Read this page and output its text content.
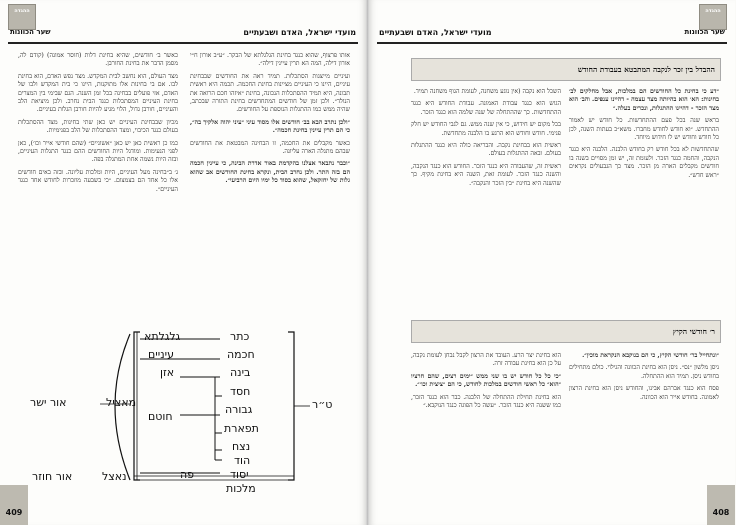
ההגדה
מועדי ישראל, האדם ושבעתיים
שער הכוונות

אותו פרצוף, שהוא כנגד בחינת הגלגלתא של הבקר. ״ע״ב אורון ח״י אורון דילה, המה הא תרין עיינין דילה״.

ועיניים מייצגות הסתכלות. תמיד ראה את החודשים שבבחינת עיניים, היינו כי העיניים מציינות בחינת החכמה. תכמה היא ראשית תבונה, היא תמיד ההסתכלות הנכונה, בחינת ״איזהו חכם הרואה את הנולד״. ולכן זמן של חודשים המתחדשים בחינת התורה שבכתב, שהיה ממש כמו ההתגלות הנוספת על החודשים.

״ולכן נתרב הבא בב׳ חודשים אלו מסוד עיני ״עיני יהוה אלקיך בה״, כי הם תרין עיינין בחינת חכמה״.

כאשר מקבלים את החכמה, זו הבחינה המבטאת את החודשים שבהם מתגלה הארה עליונה.

״וכבר נתבאר אצלנו בהקדמת באור אדרת הבינה, כי עיינין חכמה הם בזה התר. ולכן נחרב הבית, ונקרא בחינת החודשים אב שהוא גלות של יחזקאל, שהוא בסוד כל ימיו היום הרביעי״.

כאשר ב׳ חודשים, שהיא בחינת דלות (חוסר אמונה) (קודם לה, מסמן הדבר את בחינת החורבן.

מצד העולם, הוא נחשב לבית המקדש. מצד נפש האדם, הוא בחינת לבו. אם בי בחינות אלו מתוקנות, היינו כי בית המקדש ולבו של האדם, אזי פועלים בבחינה בכל זמן השנה. הגם שבימי בין המצרים בחינת העיניים המסתכלות כנגד הבית נחרב. ולכן מיציאת הלב והעיניים, חורבן גדול, הלוי מגיע להיות חורבן הגלות בעיניים.

מכיון שבבחינת העיניים יש כאן שתי בחינות, מצד ההסתכלות בעולם כנגד הכיבוי, ומצד ההסתכלות של הלב בפנימיות.

כמו כן ראשית כאן יש כאן ״אשוניים״ (שהם חודשי אייר וכו׳), כאן לפני הנעימות. ומודגל היות החודשים ההם כנגד התגלות העיניים, ובזה היות נשמה אחת המתגלה בפה.

ג׳ ב״בחינה מעל העיניים, היות ומלכות עליונה. ובזה באים חודשים אלו כל אחד הם בצמצום. ״כי בשבעה מוזכרות לחודש אחד כנגד העיניים״.

כתר
חכמה
בינה
חסד
גבורה
תפארת
נצח
הוד
יסוד
מלכות
גלגלתא
עיניים
אזן
חוטם
פה
ט״ר
מאציל
נאצל
אור ישר
אור חוזר
409
ההגדה
שער הכוונות
מועדי ישראל, האדם ושבעתיים
ההבדל בין זכר לנקבה המתבטא בעבודת החודש

״דע כי בחינת כל החודשים הם במלכות, אבל מחלקים לב׳ בחינות: הא׳ הוא בהיותה מצד עצמה - דהיינו ענפים. והב׳ הוא מצד הזכר - דהיינו ההתגלות, ונכרים בעלה.״

בראש שנה בכל פעם ההתחדשות. כל חודש יש לאמור ההתחדש. ״וא חודש לחודש מחברו. משא״כ בעתות השנה, לכן כל חודש וחודש יש לו חידוש מיוחד.

שהתחדשות לא בכל חודש רק בחודש הלבנה. הלבנה היא כנגד הנקבה, והחמה כנגד הזכר. ולעומת זה, יש זמן מסויים בשנה בו חודשים מקבלים הארה מן הזכר. מצד כך הגבעולים נקראים ״ראש חדש״.

השכל הוא נקבה (אין נוגע משחנה, לעומת הגוף משחנה תמיד.

הגוש הוא כנגד עבודת האמונה. עבודת החודש היא כנגד ההתחדשות. כך שההתחלה של שנה שלמה הוא כנגד הזכר.

בכל מקום יש חידוש, כי אין שנה ממש. גם לגבי החודש יש חלק פנימי. חודש וחודש הוא הרגע בו הלבנה מתחדשת.

ראשית הוא בבחינת נקבה. והבריאה כולה היא כנגד ההתגלות בעולם. ובאה ההתגלות בעולם.

ראשית זה, שהעבודה היא כנגד הזכר. החודש הוא כנגד הנקבה, והשנה כנגד הזכר. לעומת זאת, השנה היא בחינת מקיף. כך שהשנה היא בחינת ״בין הזכר והנקבה״.

ר׳ חודשי הקיץ

״ונתחייל בר׳ חודשי הקיץ, כי הם בנוקבא הנקראת מוכין״.

ניסן מלשון ״נס״. ניסן הוא בחינת הכוונה והגילוי. כולם מתחילים בחודש ניסן. תמיד הוא ההתחלה.

פסח הוא כנגד אברהם אבינו, והחודש ניסן הוא בחינת הרצון לאמונה. בחודש אייר הוא הכוונה.

הוא בחינת יצר הרע. העובד את הרצון לקבל נבחן לעומת נקבה, על כן הוא בחינת עבודה זרה.

״כי כל כל חודש יש בו שני ממש ״ימים רצים, שהם חרציו ״הוא״ כל ראשי חודשים במלכות לחודש, כי הם ״ציצית וכו׳״.

הוא בחינת תחילת ההתחלה של הלבנה. כבר הוא כנגד הזכר, כמו ששנה היא כנגד הזכר. ״עשה כל הפוגה כנגד הנוקבא.״

408
